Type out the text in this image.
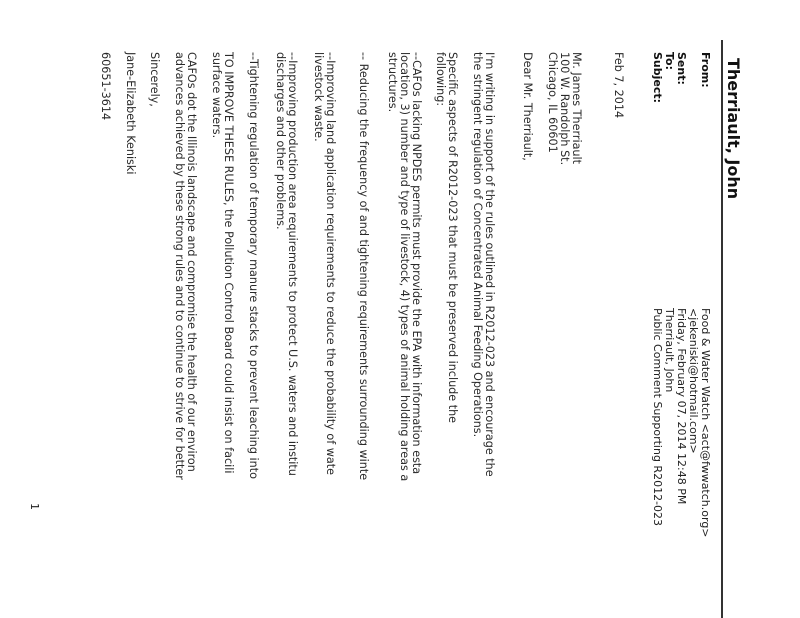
Therriault, John
From:
Sent:
To:
Subject:
Food & Water Watch <act@fwwatch.org>
<jekeniski@hotmail.com>
Friday, February 07, 2014 12:48 PM
Therriault, John
Public Comment Supporting R2012-023
Feb 7, 2014
Mr. James Therriault
100 W. Randolph St.
Chicago, IL 60601
Dear Mr. Therriault,
I'm writing in support of the rules outlined in R2012-023 and encourage the
the stringent regulation of Concentrated Animal Feeding Operations.
Specific aspects of R2012-023 that must be preserved include the
following:
--CAFOs lacking NPDES permits must provide the EPA with information esta
location, 3) number and type of livestock, 4) types of animal holding areas a
structures.
-- Reducing the frequency of and tightening requirements surrounding winte
--Improving land application requirements to reduce the probability of wate
livestock waste.
--Improving production area requirements to protect U.S. waters and institu
discharges and other problems.
--Tightening regulation of temporary manure stacks to prevent leaching into
TO IMPROVE THESE RULES, the Pollution Control Board could insist on facili
surface waters.
CAFOs dot the Illinois landscape and compromise the health of our environ
advances achieved by these strong rules and to continue to strive for better
Sincerely,
Jane-Elizabeth Keniski
60651-3614
1
